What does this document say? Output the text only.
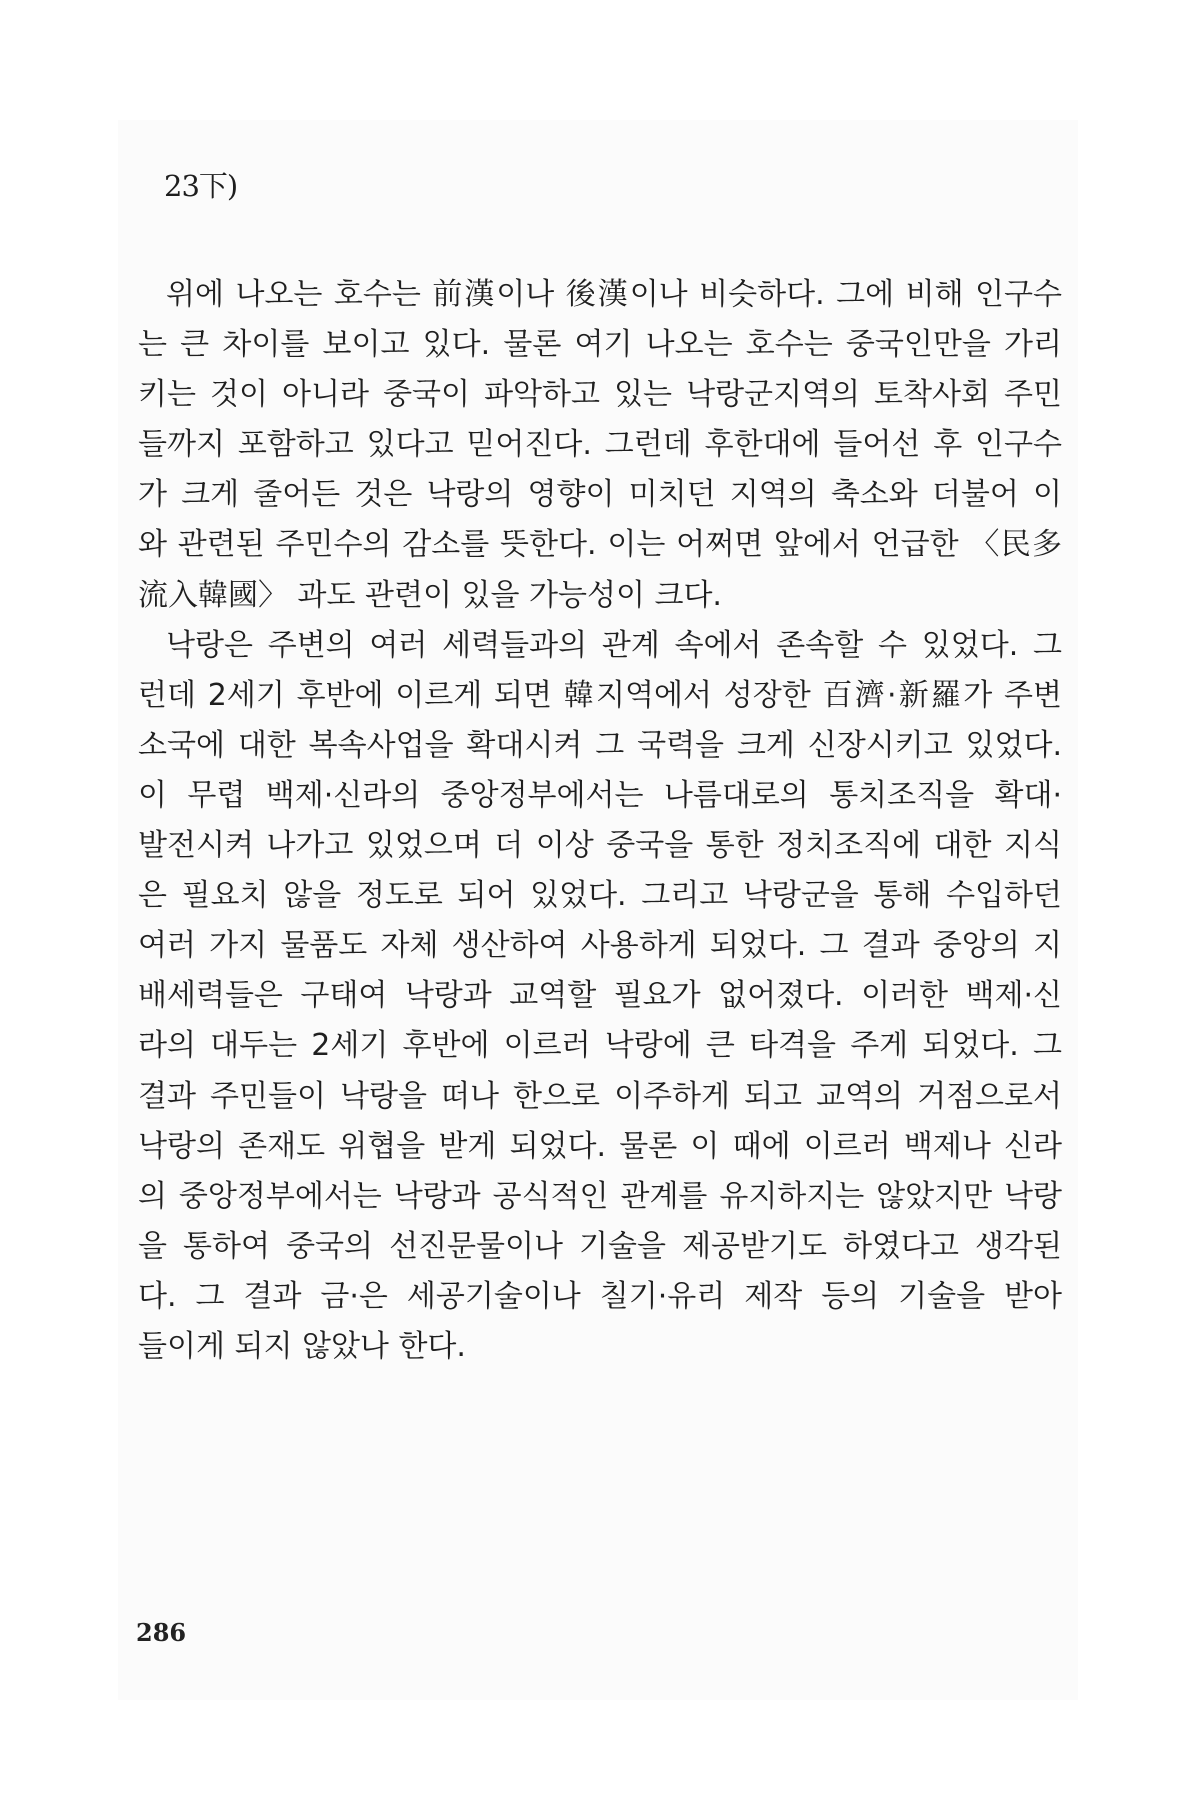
23下)
위에 나오는 호수는 前漢이나 後漢이나 비슷하다. 그에 비해 인구수
는 큰 차이를 보이고 있다. 물론 여기 나오는 호수는 중국인만을 가리
키는 것이 아니라 중국이 파악하고 있는 낙랑군지역의 토착사회 주민
들까지 포함하고 있다고 믿어진다. 그런데 후한대에 들어선 후 인구수
가 크게 줄어든 것은 낙랑의 영향이 미치던 지역의 축소와 더불어 이
와 관련된 주민수의 감소를 뜻한다. 이는 어쩌면 앞에서 언급한 〈民多
流入韓國〉 과도 관련이 있을 가능성이 크다.
낙랑은 주변의 여러 세력들과의 관계 속에서 존속할 수 있었다. 그
런데 2세기 후반에 이르게 되면 韓지역에서 성장한 百濟·新羅가 주변
소국에 대한 복속사업을 확대시켜 그 국력을 크게 신장시키고 있었다.
이 무렵 백제·신라의 중앙정부에서는 나름대로의 통치조직을 확대·
발전시켜 나가고 있었으며 더 이상 중국을 통한 정치조직에 대한 지식
은 필요치 않을 정도로 되어 있었다. 그리고 낙랑군을 통해 수입하던
여러 가지 물품도 자체 생산하여 사용하게 되었다. 그 결과 중앙의 지
배세력들은 구태여 낙랑과 교역할 필요가 없어졌다. 이러한 백제·신
라의 대두는 2세기 후반에 이르러 낙랑에 큰 타격을 주게 되었다. 그
결과 주민들이 낙랑을 떠나 한으로 이주하게 되고 교역의 거점으로서
낙랑의 존재도 위협을 받게 되었다. 물론 이 때에 이르러 백제나 신라
의 중앙정부에서는 낙랑과 공식적인 관계를 유지하지는 않았지만 낙랑
을 통하여 중국의 선진문물이나 기술을 제공받기도 하였다고 생각된
다. 그 결과 금·은 세공기술이나 칠기·유리 제작 등의 기술을 받아
들이게 되지 않았나 한다.
286
